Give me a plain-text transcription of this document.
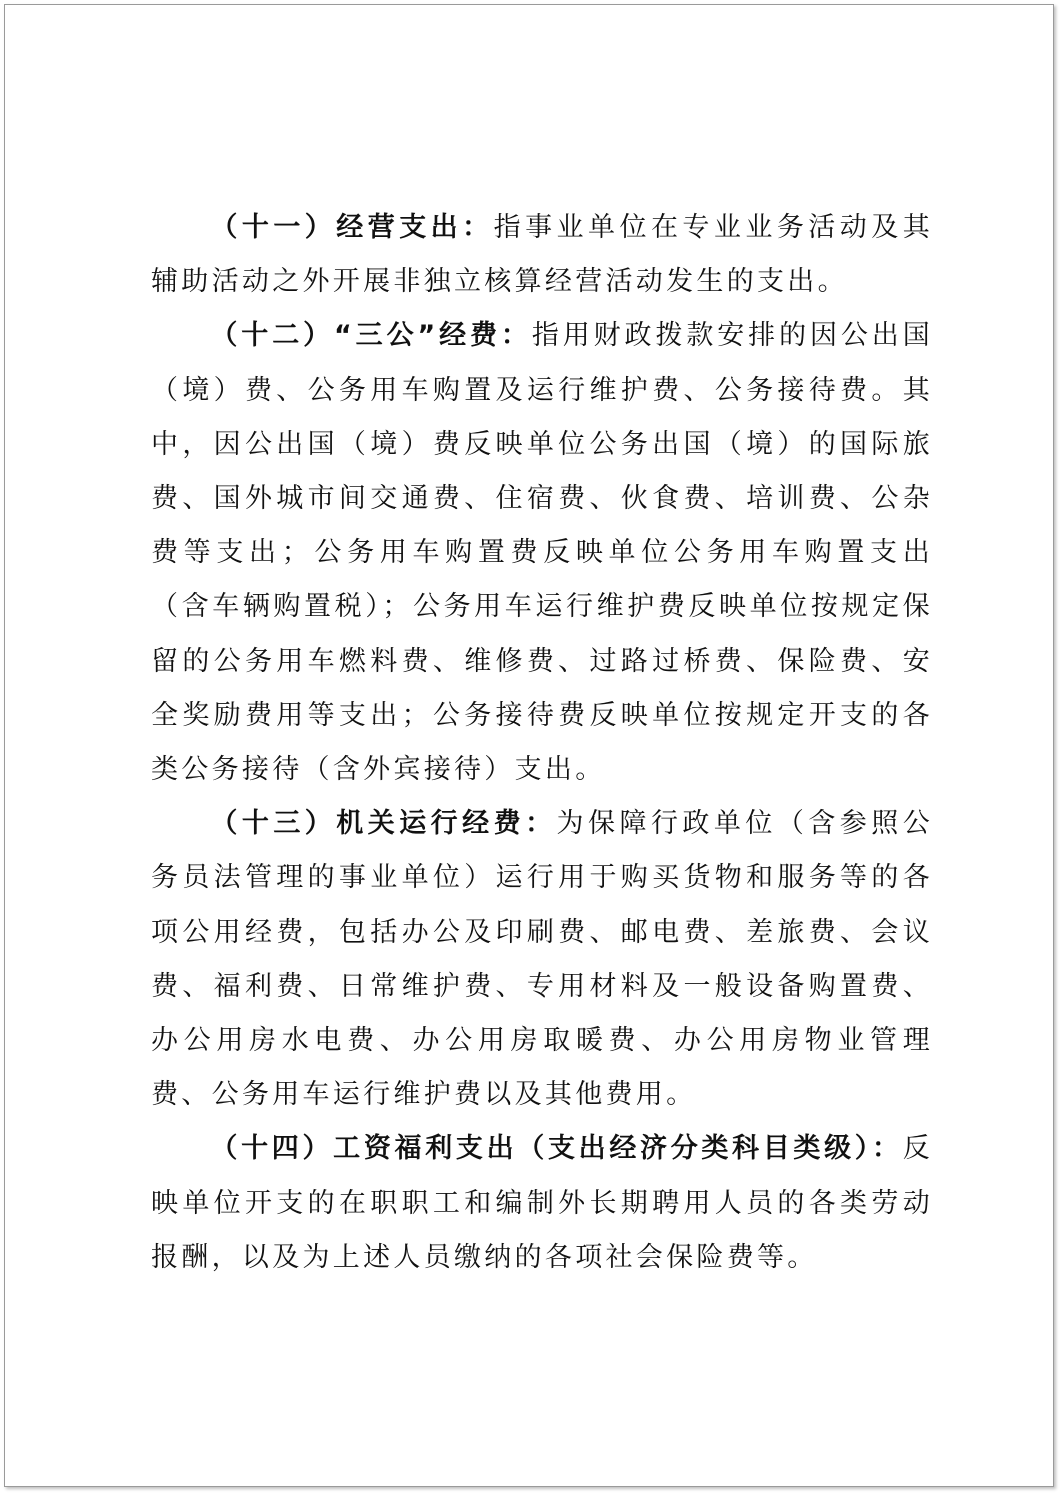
（十一）经营支出：指事业单位在专业业务活动及其辅助活动之外开展非独立核算经营活动发生的支出。

（十二）“三公”经费：指用财政拨款安排的因公出国（境）费、公务用车购置及运行维护费、公务接待费。其中，因公出国（境）费反映单位公务出国（境）的国际旅费、国外城市间交通费、住宿费、伙食费、培训费、公杂费等支出；公务用车购置费反映单位公务用车购置支出（含车辆购置税）；公务用车运行维护费反映单位按规定保留的公务用车燃料费、维修费、过路过桥费、保险费、安全奖励费用等支出；公务接待费反映单位按规定开支的各类公务接待（含外宾接待）支出。

（十三）机关运行经费：为保障行政单位（含参照公务员法管理的事业单位）运行用于购买货物和服务等的各项公用经费，包括办公及印刷费、邮电费、差旅费、会议费、福利费、日常维护费、专用材料及一般设备购置费、办公用房水电费、办公用房取暖费、办公用房物业管理费、公务用车运行维护费以及其他费用。

（十四）工资福利支出（支出经济分类科目类级）：反映单位开支的在职职工和编制外长期聘用人员的各类劳动报酬，以及为上述人员缴纳的各项社会保险费等。
